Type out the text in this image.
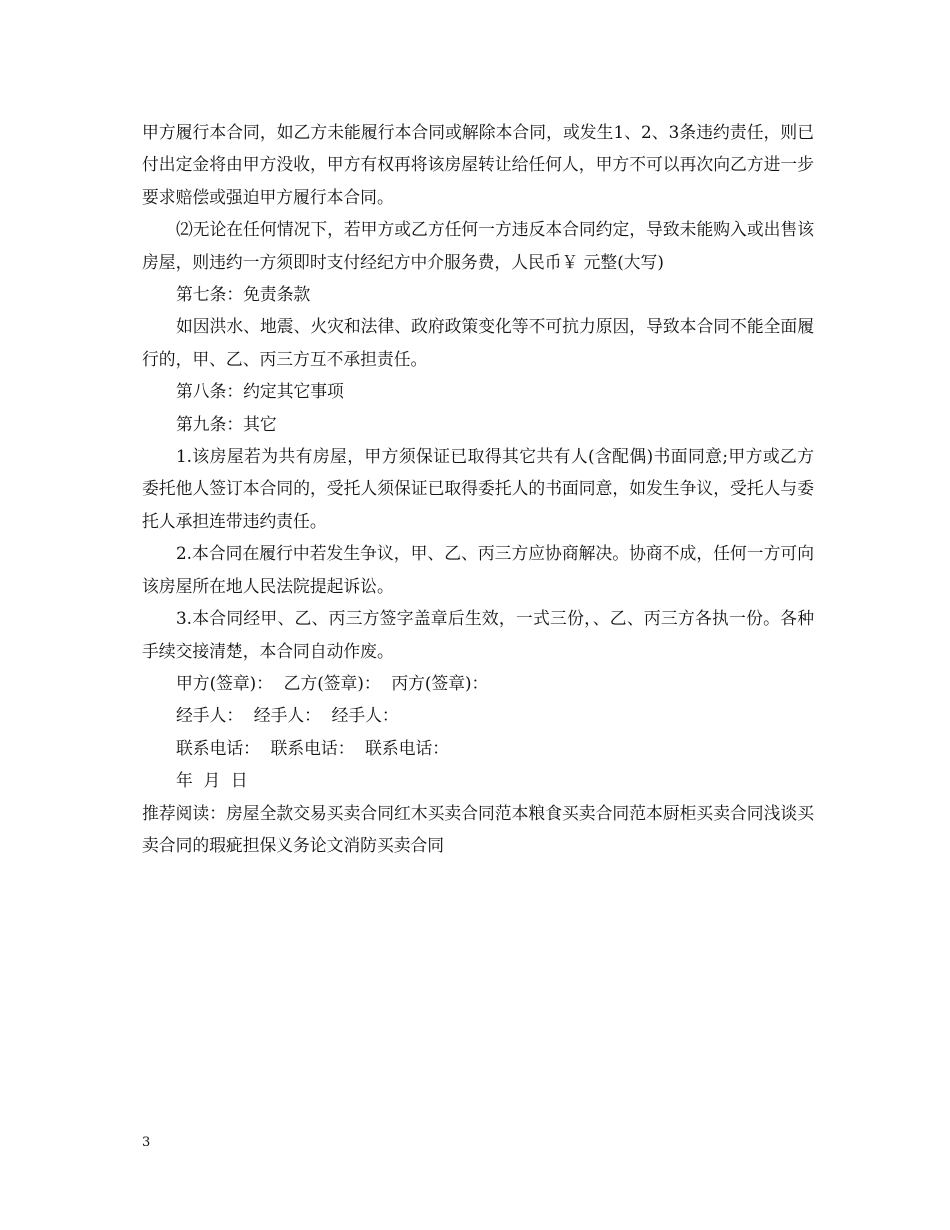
甲方履行本合同，如乙方未能履行本合同或解除本合同，或发生1、2、3条违约责任，则已付出定金将由甲方没收，甲方有权再将该房屋转让给任何人，甲方不可以再次向乙方进一步要求赔偿或强迫甲方履行本合同。

⑵无论在任何情况下，若甲方或乙方任何一方违反本合同约定，导致未能购入或出售该房屋，则违约一方须即时支付经纪方中介服务费，人民币￥ 元整(大写)

第七条：免责条款

如因洪水、地震、火灾和法律、政府政策变化等不可抗力原因，导致本合同不能全面履行的，甲、乙、丙三方互不承担责任。

第八条：约定其它事项

第九条：其它

1.该房屋若为共有房屋，甲方须保证已取得其它共有人(含配偶)书面同意;甲方或乙方委托他人签订本合同的，受托人须保证已取得委托人的书面同意，如发生争议，受托人与委托人承担连带违约责任。

2.本合同在履行中若发生争议，甲、乙、丙三方应协商解决。协商不成，任何一方可向该房屋所在地人民法院提起诉讼。

3.本合同经甲、乙、丙三方签字盖章后生效，一式三份，、乙、丙三方各执一份。各种手续交接清楚，本合同自动作废。

甲方(签章)：  乙方(签章)：  丙方(签章)：

经手人：  经手人：  经手人：

联系电话：  联系电话：  联系电话：

年  月  日

推荐阅读：房屋全款交易买卖合同红木买卖合同范本粮食买卖合同范本厨柜买卖合同浅谈买卖合同的瑕疵担保义务论文消防买卖合同

3
